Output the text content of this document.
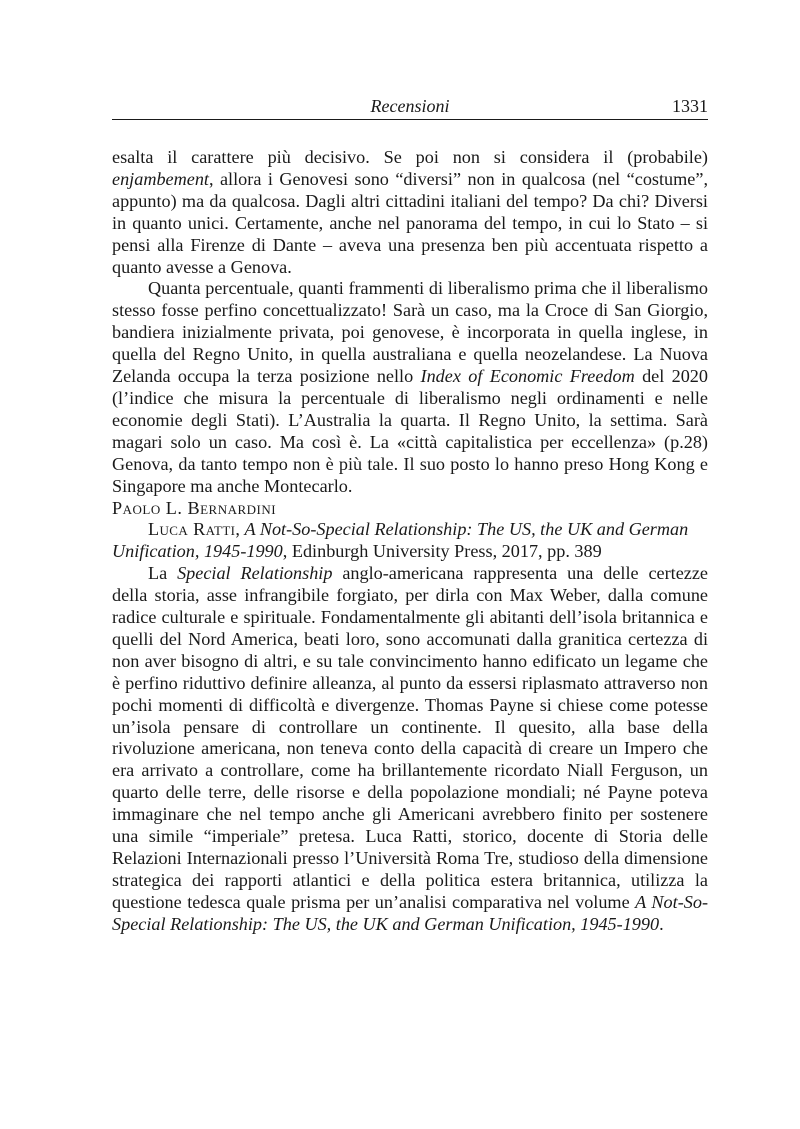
Recensioni	1331

esalta il carattere più decisivo. Se poi non si considera il (probabile) enjambement, allora i Genovesi sono “diversi” non in qualcosa (nel “costume”, appunto) ma da qualcosa. Dagli altri cittadini italiani del tempo? Da chi? Diversi in quanto unici. Certamente, anche nel panorama del tempo, in cui lo Stato – si pensi alla Firenze di Dante – aveva una presenza ben più accentuata rispetto a quanto avesse a Genova.

Quanta percentuale, quanti frammenti di liberalismo prima che il liberalismo stesso fosse perfino concettualizzato! Sarà un caso, ma la Croce di San Giorgio, bandiera inizialmente privata, poi genovese, è incorporata in quella inglese, in quella del Regno Unito, in quella australiana e quella neozelandese. La Nuova Zelanda occupa la terza posizione nello Index of Economic Freedom del 2020 (l’indice che misura la percentuale di liberalismo negli ordinamenti e nelle economie degli Stati). L’Australia la quarta. Il Regno Unito, la settima. Sarà magari solo un caso. Ma così è. La «città capitalistica per eccellenza» (p.28) Genova, da tanto tempo non è più tale. Il suo posto lo hanno preso Hong Kong e Singapore ma anche Montecarlo.

Paolo L. Bernardini

Luca Ratti, A Not-So-Special Relationship: The US, the UK and German Unification, 1945-1990, Edinburgh University Press, 2017, pp. 389

La Special Relationship anglo-americana rappresenta una delle certezze della storia, asse infrangibile forgiato, per dirla con Max Weber, dalla comune radice culturale e spirituale. Fondamentalmente gli abitanti dell’isola britannica e quelli del Nord America, beati loro, sono accomunati dalla granitica certezza di non aver bisogno di altri, e su tale convincimento hanno edificato un legame che è perfino riduttivo definire alleanza, al punto da essersi riplasmato attraverso non pochi momenti di difficoltà e divergenze. Thomas Payne si chiese come potesse un’isola pensare di controllare un continente. Il quesito, alla base della rivoluzione americana, non teneva conto della capacità di creare un Impero che era arrivato a controllare, come ha brillantemente ricordato Niall Ferguson, un quarto delle terre, delle risorse e della popolazione mondiali; né Payne poteva immaginare che nel tempo anche gli Americani avrebbero finito per sostenere una simile “imperiale” pretesa. Luca Ratti, storico, docente di Storia delle Relazioni Internazionali presso l’Università Roma Tre, studioso della dimensione strategica dei rapporti atlantici e della politica estera britannica, utilizza la questione tedesca quale prisma per un’analisi comparativa nel volume A Not-So-Special Relationship: The US, the UK and German Unification, 1945-1990.
